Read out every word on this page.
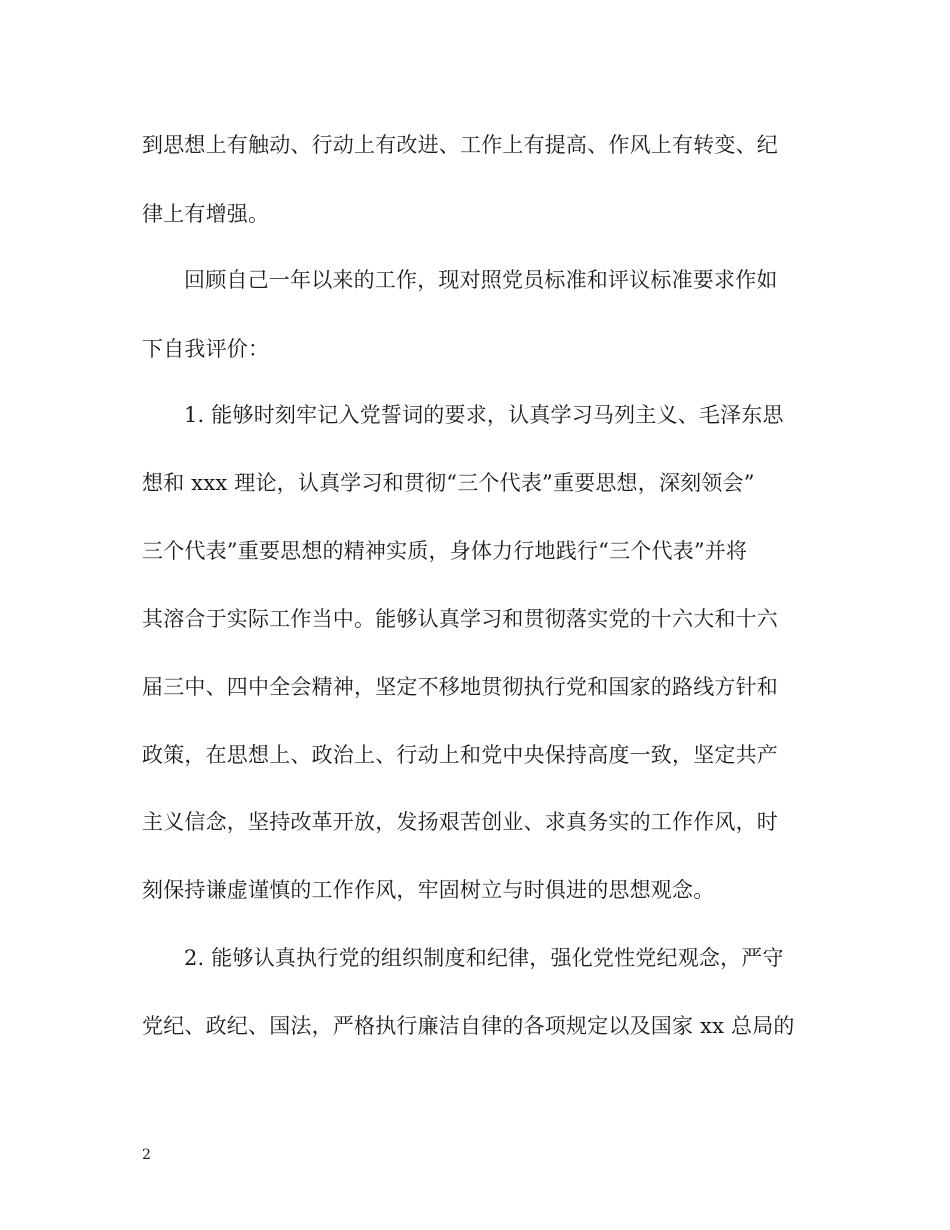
到思想上有触动、行动上有改进、工作上有提高、作风上有转变、纪
律上有增强。
回顾自己一年以来的工作，现对照党员标准和评议标准要求作如
下自我评价：
1. 能够时刻牢记入党誓词的要求，认真学习马列主义、毛泽东思
想和 xxx 理论，认真学习和贯彻“三个代表”重要思想，深刻领会”
三个代表”重要思想的精神实质，身体力行地践行“三个代表”并将
其溶合于实际工作当中。能够认真学习和贯彻落实党的十六大和十六
届三中、四中全会精神，坚定不移地贯彻执行党和国家的路线方针和
政策，在思想上、政治上、行动上和党中央保持高度一致，坚定共产
主义信念，坚持改革开放，发扬艰苦创业、求真务实的工作作风，时
刻保持谦虚谨慎的工作作风，牢固树立与时俱进的思想观念。
2. 能够认真执行党的组织制度和纪律，强化党性党纪观念，严守
党纪、政纪、国法，严格执行廉洁自律的各项规定以及国家 xx 总局的
2
